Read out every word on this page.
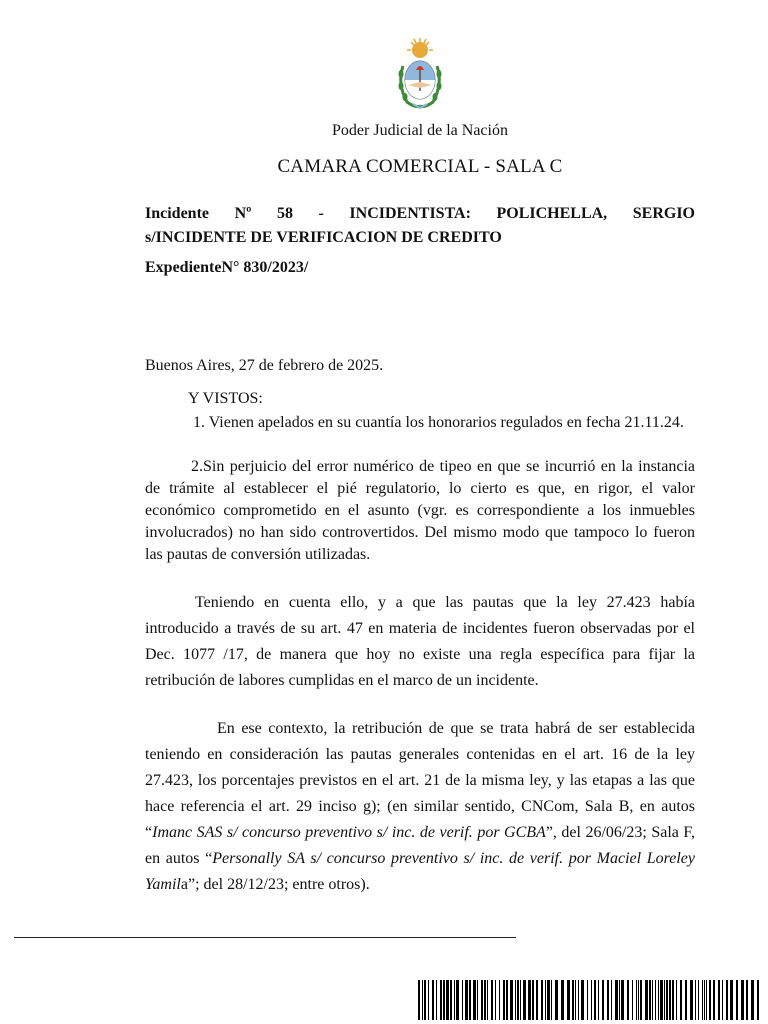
Poder Judicial de la Nación
CAMARA COMERCIAL - SALA C
Incidente Nº 58 - INCIDENTISTA: POLICHELLA, SERGIO
s/INCIDENTE DE VERIFICACION DE CREDITO
ExpedienteN° 830/2023/
Buenos Aires, 27 de febrero de 2025.
Y VISTOS:
1. Vienen apelados en su cuantía los honorarios regulados en fecha 21.11.24.
2.Sin perjuicio del error numérico de tipeo en que se incurrió en la instancia de trámite al establecer el pié regulatorio, lo cierto es que, en rigor, el valor económico comprometido en el asunto (vgr. es correspondiente a los inmuebles involucrados) no han sido controvertidos. Del mismo modo que tampoco lo fueron las pautas de conversión utilizadas.
Teniendo en cuenta ello, y a que las pautas que la ley 27.423 había introducido a través de su art. 47 en materia de incidentes fueron observadas por el Dec. 1077 /17, de manera que hoy no existe una regla específica para fijar la retribución de labores cumplidas en el marco de un incidente.
En ese contexto, la retribución de que se trata habrá de ser establecida teniendo en consideración las pautas generales contenidas en el art. 16 de la ley 27.423, los porcentajes previstos en el art. 21 de la misma ley, y las etapas a las que hace referencia el art. 29 inciso g); (en similar sentido, CNCom, Sala B, en autos “Imanc SAS s/ concurso preventivo s/ inc. de verif. por GCBA”, del 26/06/23; Sala F, en autos “Personally SA s/ concurso preventivo s/ inc. de verif. por Maciel Loreley Yamila”; del 28/12/23; entre otros).
